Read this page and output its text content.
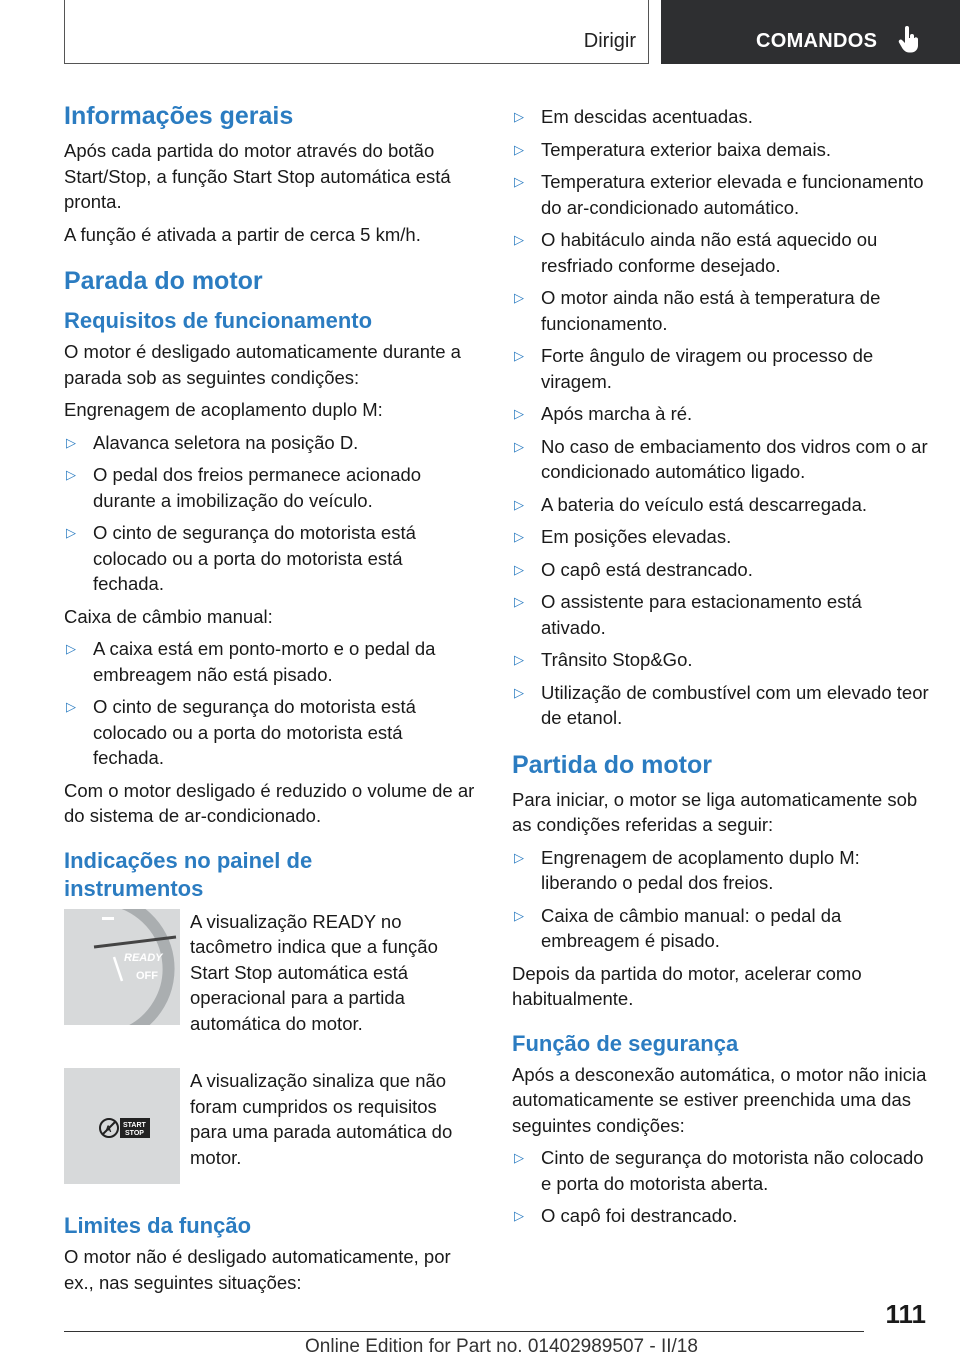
Dirigir	COMANDOS
Informações gerais

Após cada partida do motor através do botão Start/Stop, a função Start Stop automática está pronta.

A função é ativada a partir de cerca 5 km/h.

Parada do motor
Requisitos de funcionamento

O motor é desligado automaticamente durante a parada sob as seguintes condições:

Engrenagem de acoplamento duplo M:

▷ Alavanca seletora na posição D.
▷ O pedal dos freios permanece acionado durante a imobilização do veículo.
▷ O cinto de segurança do motorista está colocado ou a porta do motorista está fechada.

Caixa de câmbio manual:

▷ A caixa está em ponto-morto e o pedal da embreagem não está pisado.
▷ O cinto de segurança do motorista está colocado ou a porta do motorista está fechada.

Com o motor desligado é reduzido o volume de ar do sistema de ar-condicionado.

Indicações no painel de instrumentos
READY
OFF

A visualização READY no tacômetro indica que a função Start Stop automática está operacional para a partida automática do motor.

A START
STOP

A visualização sinaliza que não foram cumpridos os requisitos para uma parada automática do motor.

Limites da função

O motor não é desligado automaticamente, por ex., nas seguintes situações:

▷ Em descidas acentuadas.
▷ Temperatura exterior baixa demais.
▷ Temperatura exterior elevada e funcionamento do ar-condicionado automático.
▷ O habitáculo ainda não está aquecido ou resfriado conforme desejado.
▷ O motor ainda não está à temperatura de funcionamento.
▷ Forte ângulo de viragem ou processo de viragem.
▷ Após marcha à ré.
▷ No caso de embaciamento dos vidros com o ar condicionado automático ligado.
▷ A bateria do veículo está descarregada.
▷ Em posições elevadas.
▷ O capô está destrancado.
▷ O assistente para estacionamento está ativado.
▷ Trânsito Stop&Go.
▷ Utilização de combustível com um elevado teor de etanol.
Partida do motor

Para iniciar, o motor se liga automaticamente sob as condições referidas a seguir:

▷ Engrenagem de acoplamento duplo M: liberando o pedal dos freios.
▷ Caixa de câmbio manual: o pedal da embreagem é pisado.

Depois da partida do motor, acelerar como habitualmente.

Função de segurança

Após a desconexão automática, o motor não inicia automaticamente se estiver preenchida uma das seguintes condições:

▷ Cinto de segurança do motorista não colocado e porta do motorista aberta.
▷ O capô foi destrancado.
111
Online Edition for Part no. 01402989507 - II/18
